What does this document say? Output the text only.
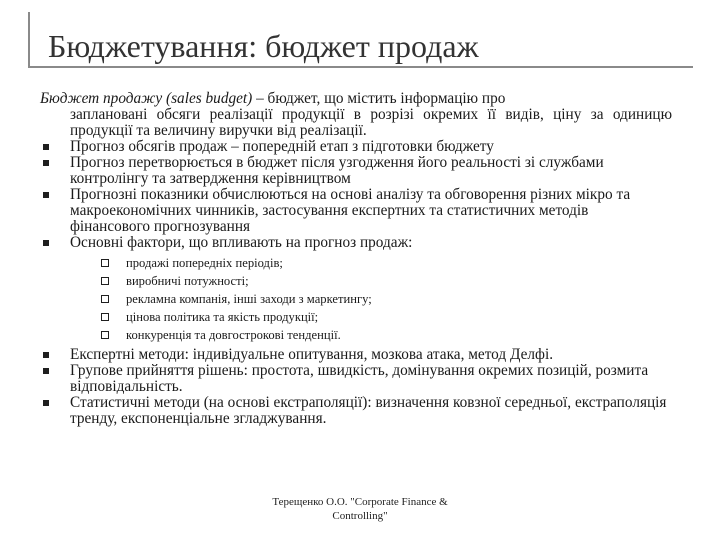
Бюджетування: бюджет продаж

Бюджет продажу (sales budget) – бюджет, що містить інформацію про
заплановані обсяги реалізації продукції в розрізі окремих її видів, ціну за одиницю продукції та величину виручки від реалізації.

Прогноз обсягів продаж – попередній етап з підготовки бюджету
Прогноз перетворюється в бюджет після узгодження його реальності зі службами контролінгу та затвердження керівництвом
Прогнозні показники обчислюються на основі аналізу та обговорення різних мікро та макроекономічних чинників, застосування експертних та статистичних методів фінансового прогнозування
Основні фактори, що впливають на прогноз продаж:
продажі попередніх періодів;
виробничі потужності;
рекламна компанія, інші заходи з маркетингу;
цінова політика та якість продукції;
конкуренція та довгостроковi тенденції.
Експертні методи: індивідуальне опитування, мозкова атака, метод Делфі.
Групове прийняття рішень: простота, швидкість, домінування окремих позицій, розмита відповідальність.
Статистичні методи (на основі екстраполяції): визначення ковзної середньої, екстраполяція тренду, експоненціальне згладжування.
Терещенко О.О. "Corporate Finance &
Controlling"
